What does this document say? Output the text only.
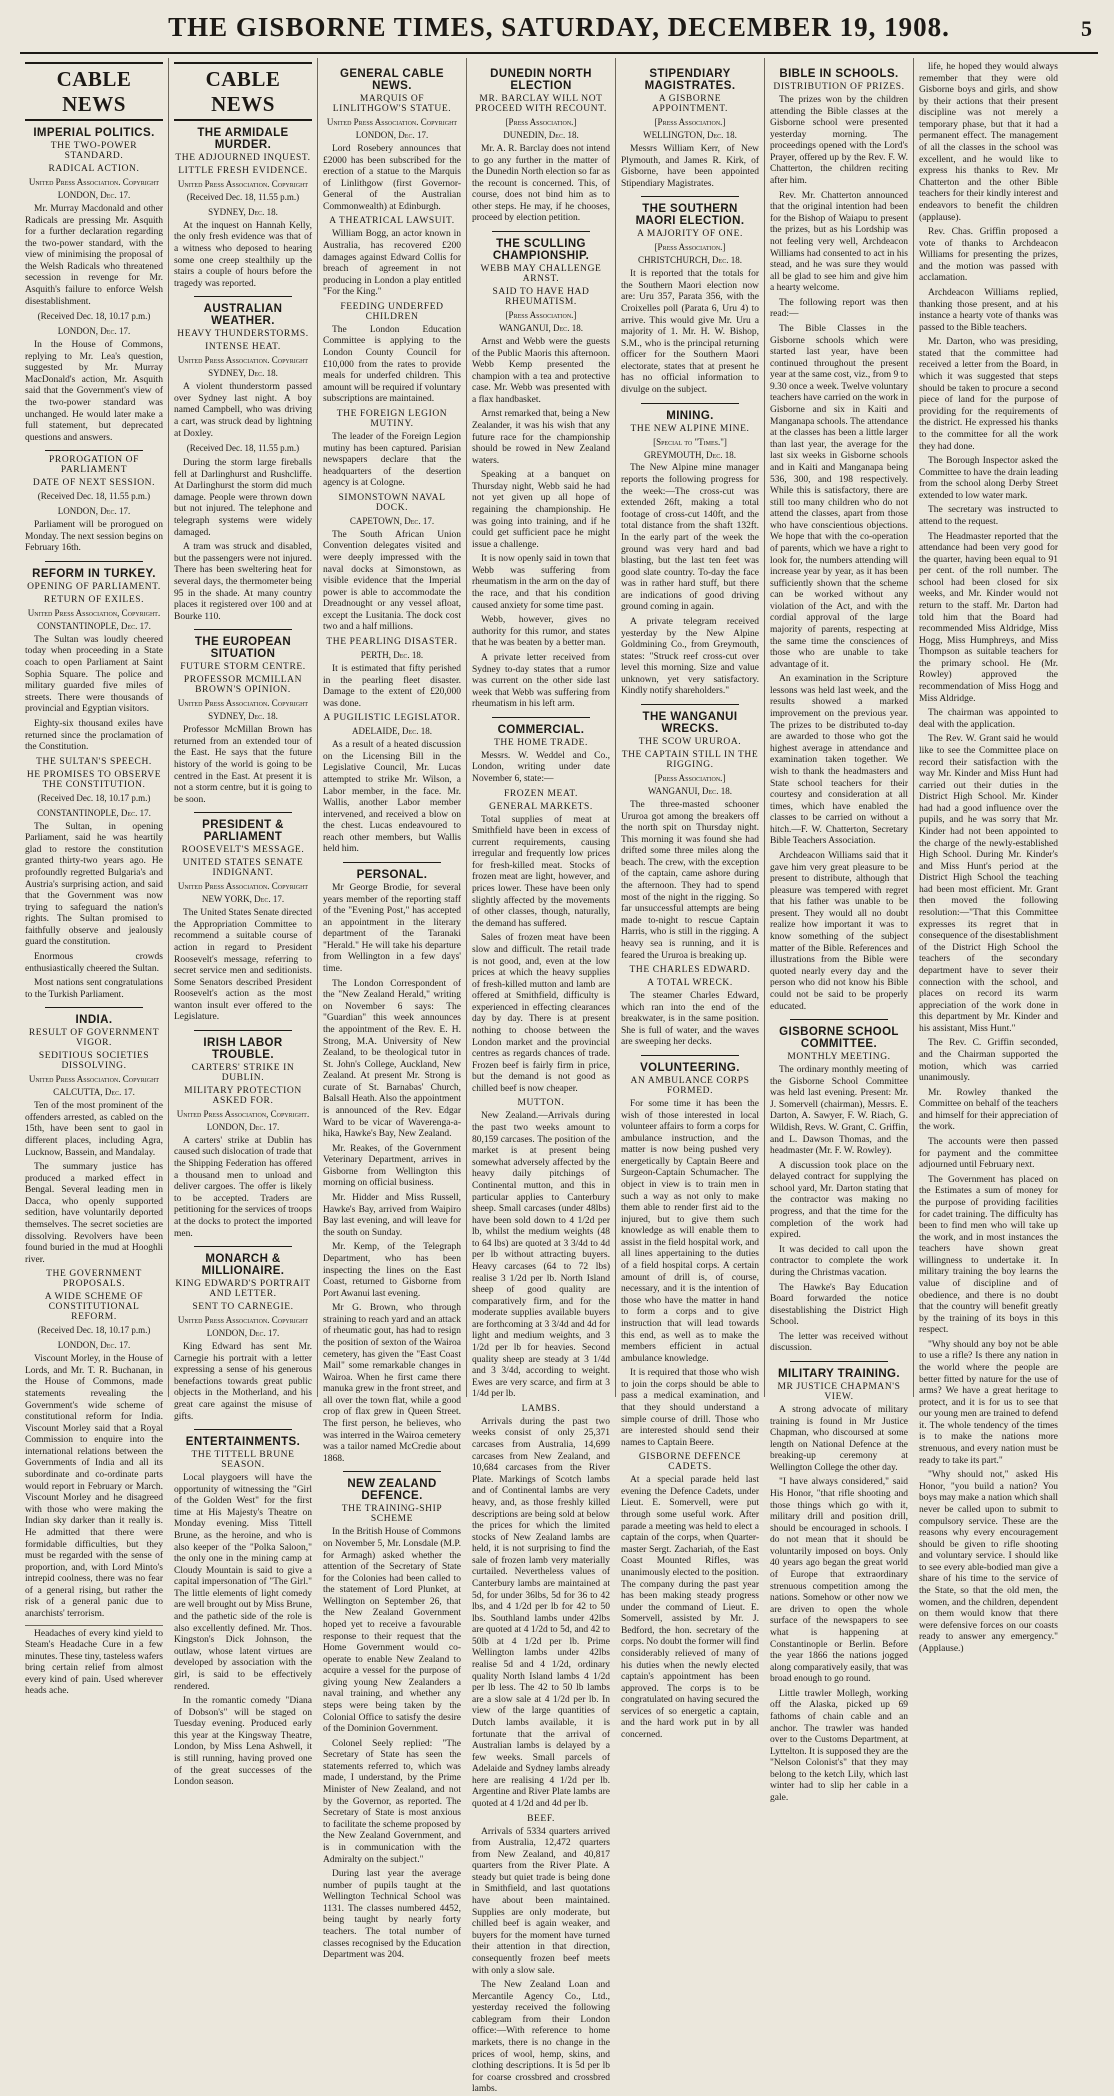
THE GISBORNE TIMES, SATURDAY, DECEMBER 19, 1908.	5
CABLE NEWS
IMPERIAL POLITICS.
THE TWO-POWER STANDARD.
RADICAL ACTION.

United Press Association. Copyright

LONDON, Dec. 17.

Mr. Murray Macdonald and other Radicals are pressing Mr. Asquith for a further declaration regarding the two-power standard, with the view of minimising the proposal of the Welsh Radicals who threatened secession in revenge for Mr. Asquith's failure to enforce Welsh disestablishment.

(Received Dec. 18, 10.17 p.m.)

LONDON, Dec. 17.

In the House of Commons, replying to Mr. Lea's question, suggested by Mr. Murray MacDonald's action, Mr. Asquith said that the Government's view of the two-power standard was unchanged. He would later make a full statement, but deprecated questions and answers.

PROROGATION OF PARLIAMENT
DATE OF NEXT SESSION.

(Received Dec. 18, 11.55 p.m.)

LONDON, Dec. 17.

Parliament will be prorogued on Monday. The next session begins on February 16th.

REFORM IN TURKEY.
OPENING OF PARLIAMENT.
RETURN OF EXILES.

United Press Association, Copyright.

CONSTANTINOPLE, Dec. 17.

The Sultan was loudly cheered today when proceeding in a State coach to open Parliament at Saint Sophia Square. The police and military guarded five miles of streets. There were thousands of provincial and Egyptian visitors.

Eighty-six thousand exiles have returned since the proclamation of the Constitution.

THE SULTAN'S SPEECH.
HE PROMISES TO OBSERVE THE CONSTITUTION.

(Received Dec. 18, 10.17 p.m.)

CONSTANTINOPLE, Dec. 17.

The Sultan, in opening Parliament, said he was heartily glad to restore the constitution granted thirty-two years ago. He profoundly regretted Bulgaria's and Austria's surprising action, and said that the Government was now trying to safeguard the nation's rights. The Sultan promised to faithfully observe and jealously guard the constitution.

Enormous crowds enthusiastically cheered the Sultan.

Most nations sent congratulations to the Turkish Parliament.

INDIA.
RESULT OF GOVERNMENT VIGOR.
SEDITIOUS SOCIETIES DISSOLVING.

United Press Association. Copyright

CALCUTTA, Dec. 17.

Ten of the most prominent of the offenders arrested, as cabled on the 15th, have been sent to gaol in different places, including Agra, Lucknow, Bassein, and Mandalay.

The summary justice has produced a marked effect in Bengal. Several leading men in Dacca, who openly supported sedition, have voluntarily deported themselves. The secret societies are dissolving. Revolvers have been found buried in the mud at Hooghli river.

THE GOVERNMENT PROPOSALS.
A WIDE SCHEME OF CONSTITUTIONAL REFORM.

(Received Dec. 18, 10.17 p.m.)

LONDON, Dec. 17.

Viscount Morley, in the House of Lords, and Mr. T. R. Buchanan, in the House of Commons, made statements revealing the Government's wide scheme of constitutional reform for India. Viscount Morley said that a Royal Commission to enquire into the international relations between the Governments of India and all its subordinate and co-ordinate parts would report in February or March. Viscount Morley and he disagreed with those who were making the Indian sky darker than it really is. He admitted that there were formidable difficulties, but they must be regarded with the sense of proportion, and, with Lord Minto's intrepid coolness, there was no fear of a general rising, but rather the risk of a general panic due to anarchists' terrorism.

Headaches of every kind yield to Steam's Headache Cure in a few minutes. These tiny, tasteless wafers bring certain relief from almost every kind of pain. Used wherever heads ache.

CABLE NEWS
THE ARMIDALE MURDER.
THE ADJOURNED INQUEST.
LITTLE FRESH EVIDENCE.

United Press Association. Copyright

(Received Dec. 18, 11.55 p.m.)

SYDNEY, Dec. 18.

At the inquest on Hannah Kelly, the only fresh evidence was that of a witness who deposed to hearing some one creep stealthily up the stairs a couple of hours before the tragedy was reported.

AUSTRALIAN WEATHER.
HEAVY THUNDERSTORMS.
INTENSE HEAT.

United Press Association. Copyright

SYDNEY, Dec. 18.

A violent thunderstorm passed over Sydney last night. A boy named Campbell, who was driving a cart, was struck dead by lightning at Doxley.

(Received Dec. 18, 11.55 p.m.)

During the storm large fireballs fell at Darlinghurst and Rushcliffe. At Darlinghurst the storm did much damage. People were thrown down but not injured. The telephone and telegraph systems were widely damaged.

A tram was struck and disabled, but the passengers were not injured. There has been sweltering heat for several days, the thermometer being 95 in the shade. At many country places it registered over 100 and at Bourke 110.

THE EUROPEAN SITUATION
FUTURE STORM CENTRE.
PROFESSOR MCMILLAN BROWN'S OPINION.

United Press Association. Copyright

SYDNEY, Dec. 18.

Professor McMillan Brown has returned from an extended tour of the East. He says that the future history of the world is going to be centred in the East. At present it is not a storm centre, but it is going to be soon.

PRESIDENT & PARLIAMENT
ROOSEVELT'S MESSAGE.
UNITED STATES SENATE INDIGNANT.

United Press Association. Copyright

NEW YORK, Dec. 17.

The United States Senate directed the Appropriation Committee to recommend a suitable course of action in regard to President Roosevelt's message, referring to secret service men and seditionists. Some Senators described President Roosevelt's action as the most wanton insult ever offered to the Legislature.

IRISH LABOR TROUBLE.
CARTERS' STRIKE IN DUBLIN.
MILITARY PROTECTION ASKED FOR.

United Press Association, Copyright.

LONDON, Dec. 17.

A carters' strike at Dublin has caused such dislocation of trade that the Shipping Federation has offered a thousand men to unload and deliver cargoes. The offer is likely to be accepted. Traders are petitioning for the services of troops at the docks to protect the imported men.

MONARCH & MILLIONAIRE.
KING EDWARD'S PORTRAIT AND LETTER.
SENT TO CARNEGIE.

United Press Association. Copyright

LONDON, Dec. 17.

King Edward has sent Mr. Carnegie his portrait with a letter expressing a sense of his generous benefactions towards great public objects in the Motherland, and his great care against the misuse of gifts.

ENTERTAINMENTS.
THE TITTELL BRUNE SEASON.

Local playgoers will have the opportunity of witnessing the "Girl of the Golden West" for the first time at His Majesty's Theatre on Monday evening. Miss Tittell Brune, as the heroine, and who is also keeper of the "Polka Saloon," the only one in the mining camp at Cloudy Mountain is said to give a capital impersonation of "The Girl." The little elements of light comedy are well brought out by Miss Brune, and the pathetic side of the role is also excellently defined. Mr. Thos. Kingston's Dick Johnson, the outlaw, whose latent virtues are developed by association with the girl, is said to be effectively rendered.

In the romantic comedy "Diana of Dobson's" will be staged on Tuesday evening. Produced early this year at the Kingsway Theatre, London, by Miss Lena Ashwell, it is still running, having proved one of the great successes of the London season.

GENERAL CABLE NEWS.
MARQUIS OF LINLITHGOW'S STATUE.

United Press Association. Copyright

LONDON, Dec. 17.

Lord Rosebery announces that £2000 has been subscribed for the erection of a statue to the Marquis of Linlithgow (first Governor-General of the Australian Commonwealth) at Edinburgh.

A THEATRICAL LAWSUIT.

William Bogg, an actor known in Australia, has recovered £200 damages against Edward Collis for breach of agreement in not producing in London a play entitled "For the King."

FEEDING UNDERFED CHILDREN

The London Education Committee is applying to the London County Council for £10,000 from the rates to provide meals for underfed children. This amount will be required if voluntary subscriptions are maintained.

THE FOREIGN LEGION MUTINY.

The leader of the Foreign Legion mutiny has been captured. Parisian newspapers declare that the headquarters of the desertion agency is at Cologne.

SIMONSTOWN NAVAL DOCK.

CAPETOWN, Dec. 17.

The South African Union Convention delegates visited and were deeply impressed with the naval docks at Simonstown, as visible evidence that the Imperial power is able to accommodate the Dreadnought or any vessel afloat, except the Lusitania. The dock cost two and a half millions.

THE PEARLING DISASTER.

PERTH, Dec. 18.

It is estimated that fifty perished in the pearling fleet disaster. Damage to the extent of £20,000 was done.

A PUGILISTIC LEGISLATOR.

ADELAIDE, Dec. 18.

As a result of a heated discussion on the Licensing Bill in the Legislative Council, Mr. Lucas attempted to strike Mr. Wilson, a Labor member, in the face. Mr. Wallis, another Labor member intervened, and received a blow on the chest. Lucas endeavoured to reach other members, but Wallis held him.

PERSONAL.

Mr George Brodie, for several years member of the reporting staff of the "Evening Post," has accepted an appointment in the literary department of the Taranaki "Herald." He will take his departure from Wellington in a few days' time.

The London Correspondent of the "New Zealand Herald," writing on November 6 says: The "Guardian" this week announces the appointment of the Rev. E. H. Strong, M.A. University of New Zealand, to be theological tutor in St. John's College, Auckland, New Zealand. At present Mr. Strong is curate of St. Barnabas' Church, Balsall Heath. Also the appointment is announced of the Rev. Edgar Ward to be vicar of Waverenga-a-hika, Hawke's Bay, New Zealand.

Mr. Reakes, of the Government Veterinary Department, arrives in Gisborne from Wellington this morning on official business.

Mr. Hidder and Miss Russell, Hawke's Bay, arrived from Waipiro Bay last evening, and will leave for the south on Sunday.

Mr. Kemp, of the Telegraph Department, who has been inspecting the lines on the East Coast, returned to Gisborne from Port Awanui last evening.

Mr G. Brown, who through straining to reach yard and an attack of rheumatic gout, has had to resign the position of sexton of the Wairoa cemetery, has given the "East Coast Mail" some remarkable changes in Wairoa. When he first came there manuka grew in the front street, and all over the town flat, while a good crop of flax grew in Queen Street. The first person, he believes, who was interred in the Wairoa cemetery was a tailor named McCredie about 1868.

NEW ZEALAND DEFENCE.
THE TRAINING-SHIP SCHEME

In the British House of Commons on November 5, Mr. Lonsdale (M.P. for Armagh) asked whether the attention of the Secretary of State for the Colonies had been called to the statement of Lord Plunket, at Wellington on September 26, that the New Zealand Government hoped yet to receive a favourable response to their request that the Home Government would co-operate to enable New Zealand to acquire a vessel for the purpose of giving young New Zealanders a naval training, and whether any steps were being taken by the Colonial Office to satisfy the desire of the Dominion Government.

Colonel Seely replied: "The Secretary of State has seen the statements referred to, which was made, I understand, by the Prime Minister of New Zealand, and not by the Governor, as reported. The Secretary of State is most anxious to facilitate the scheme proposed by the New Zealand Government, and is in communication with the Admiralty on the subject."

During last year the average number of pupils taught at the Wellington Technical School was 1131. The classes numbered 4452, being taught by nearly forty teachers. The total number of classes recognised by the Education Department was 204.

DUNEDIN NORTH ELECTION
MR. BARCLAY WILL NOT PROCEED WITH RECOUNT.

[Press Association.]

DUNEDIN, Dec. 18.

Mr. A. R. Barclay does not intend to go any further in the matter of the Dunedin North election so far as the recount is concerned. This, of course, does not bind him as to other steps. He may, if he chooses, proceed by election petition.

THE SCULLING CHAMPIONSHIP.
WEBB MAY CHALLENGE ARNST.
SAID TO HAVE HAD RHEUMATISM.

[Press Association.]

WANGANUI, Dec. 18.

Arnst and Webb were the guests of the Public Maoris this afternoon. Webb Kemp presented the champion with a tea and protective case. Mr. Webb was presented with a flax handbasket.

Arnst remarked that, being a New Zealander, it was his wish that any future race for the championship should be rowed in New Zealand waters.

Speaking at a banquet on Thursday night, Webb said he had not yet given up all hope of regaining the championship. He was going into training, and if he could get sufficient pace he might issue a challenge.

It is now openly said in town that Webb was suffering from rheumatism in the arm on the day of the race, and that his condition caused anxiety for some time past.

Webb, however, gives no authority for this rumor, and states that he was beaten by a better man.

A private letter received from Sydney to-day states that a rumor was current on the other side last week that Webb was suffering from rheumatism in his left arm.

COMMERCIAL.
THE HOME TRADE.

Messrs. W. Weddel and Co., London, writing under date November 6, state:—

FROZEN MEAT.
GENERAL MARKETS.

Total supplies of meat at Smithfield have been in excess of current requirements, causing irregular and frequently low prices for fresh-killed meat. Stocks of frozen meat are light, however, and prices lower. These have been only slightly affected by the movements of other classes, though, naturally, the demand has suffered.

Sales of frozen meat have been slow and difficult. The retail trade is not good, and, even at the low prices at which the heavy supplies of fresh-killed mutton and lamb are offered at Smithfield, difficulty is experienced in effecting clearances day by day. There is at present nothing to choose between the London market and the provincial centres as regards chances of trade. Frozen beef is fairly firm in price, but the demand is not good as chilled beef is now cheaper.

MUTTON.

New Zealand.—Arrivals during the past two weeks amount to 80,159 carcases. The position of the market is at present being somewhat adversely affected by the heavy daily pitchings of Continental mutton, and this in particular applies to Canterbury sheep. Small carcases (under 48lbs) have been sold down to 4 1/2d per lb, whilst the medium weights (48 to 64 lbs) are quoted at 3 3/4d to 4d per lb without attracting buyers. Heavy carcases (64 to 72 lbs) realise 3 1/2d per lb. North Island sheep of good quality are comparatively firm, and for the moderate supplies available buyers are forthcoming at 3 3/4d and 4d for light and medium weights, and 3 1/2d per lb for heavies. Second quality sheep are steady at 3 1/4d and 3 3/4d, according to weight. Ewes are very scarce, and firm at 3 1/4d per lb.

LAMBS.

Arrivals during the past two weeks consist of only 25,371 carcases from Australia, 14,699 carcases from New Zealand, and 10,684 carcases from the River Plate. Markings of Scotch lambs and of Continental lambs are very heavy, and, as those freshly killed descriptions are being sold at below the prices for which the limited stocks of New Zealand lambs are held, it is not surprising to find the sale of frozen lamb very materially curtailed. Nevertheless values of Canterbury lambs are maintained at 5d, for under 36lbs, 5d for 36 to 42 lbs, and 4 1/2d per lb for 42 to 50 lbs. Southland lambs under 42lbs are quoted at 4 1/2d to 5d, and 42 to 50lb at 4 1/2d per lb. Prime Wellington lambs under 42lbs realise 5d and 4 1/2d, ordinary quality North Island lambs 4 1/2d per lb less. The 42 to 50 lb lambs are a slow sale at 4 1/2d per lb. In view of the large quantities of Dutch lambs available, it is fortunate that the arrival of Australian lambs is delayed by a few weeks. Small parcels of Adelaide and Sydney lambs already here are realising 4 1/2d per lb. Argentine and River Plate lambs are quoted at 4 1/2d and 4d per lb.

BEEF.

Arrivals of 5334 quarters arrived from Australia, 12,472 quarters from New Zealand, and 40,817 quarters from the River Plate. A steady but quiet trade is being done in Smithfield, and last quotations have about been maintained. Supplies are only moderate, but chilled beef is again weaker, and buyers for the moment have turned their attention in that direction, consequently frozen beef meets with only a slow sale.

The New Zealand Loan and Mercantile Agency Co., Ltd., yesterday received the following cablegram from their London office:—With reference to home markets, there is no change in the prices of wool, hemp, skins, and clothing descriptions. It is 5d per lb for coarse crossbred and crossbred lambs.

STIPENDIARY MAGISTRATES.
A GISBORNE APPOINTMENT.

[Press Association.]

WELLINGTON, Dec. 18.

Messrs William Kerr, of New Plymouth, and James R. Kirk, of Gisborne, have been appointed Stipendiary Magistrates.

THE SOUTHERN MAORI ELECTION.
A MAJORITY OF ONE.

[Press Association.]

CHRISTCHURCH, Dec. 18.

It is reported that the totals for the Southern Maori election now are: Uru 357, Parata 356, with the Croixelles poll (Parata 6, Uru 4) to arrive. This would give Mr. Uru a majority of 1. Mr. H. W. Bishop, S.M., who is the principal returning officer for the Southern Maori electorate, states that at present he has no official information to divulge on the subject.

MINING.
THE NEW ALPINE MINE.

[Special to "Times."]

GREYMOUTH, Dec. 18.

The New Alpine mine manager reports the following progress for the week:—The cross-cut was extended 26ft, making a total footage of cross-cut 140ft, and the total distance from the shaft 132ft. In the early part of the week the ground was very hard and bad blasting, but the last ten feet was good slate country. To-day the face was in rather hard stuff, but there are indications of good driving ground coming in again.

A private telegram received yesterday by the New Alpine Goldmining Co., from Greymouth, states: "Struck reef cross-cut over level this morning. Size and value unknown, yet very satisfactory. Kindly notify shareholders."

THE WANGANUI WRECKS.
THE SCOW URUROA.
THE CAPTAIN STILL IN THE RIGGING.

[Press Association.]

WANGANUI, Dec. 18.

The three-masted schooner Ururoa got among the breakers off the north spit on Thursday night. This morning it was found she had drifted some three miles along the beach. The crew, with the exception of the captain, came ashore during the afternoon. They had to spend most of the night in the rigging. So far unsuccessful attempts are being made to-night to rescue Captain Harris, who is still in the rigging. A heavy sea is running, and it is feared the Ururoa is breaking up.

THE CHARLES EDWARD.
A TOTAL WRECK.

The steamer Charles Edward, which ran into the end of the breakwater, is in the same position. She is full of water, and the waves are sweeping her decks.

VOLUNTEERING.
AN AMBULANCE CORPS FORMED.

For some time it has been the wish of those interested in local volunteer affairs to form a corps for ambulance instruction, and the matter is now being pushed very energetically by Captain Beere and Surgeon-Captain Schumacher. The object in view is to train men in such a way as not only to make them able to render first aid to the injured, but to give them such knowledge as will enable them to assist in the field hospital work, and all lines appertaining to the duties of a field hospital corps. A certain amount of drill is, of course, necessary, and it is the intention of those who have the matter in hand to form a corps and to give instruction that will lead towards this end, as well as to make the members efficient in actual ambulance knowledge.

It is required that those who wish to join the corps should be able to pass a medical examination, and that they should understand a simple course of drill. Those who are interested should send their names to Captain Beere.

GISBORNE DEFENCE CADETS.

At a special parade held last evening the Defence Cadets, under Lieut. E. Somervell, were put through some useful work. After parade a meeting was held to elect a captain of the corps, when Quarter-master Sergt. Zachariah, of the East Coast Mounted Rifles, was unanimously elected to the position. The company during the past year has been making steady progress under the command of Lieut. E. Somervell, assisted by Mr. J. Bedford, the hon. secretary of the corps. No doubt the former will find considerably relieved of many of his duties when the newly elected captain's appointment has been approved. The corps is to be congratulated on having secured the services of so energetic a captain, and the hard work put in by all concerned.

BIBLE IN SCHOOLS.
DISTRIBUTION OF PRIZES.

The prizes won by the children attending the Bible classes at the Gisborne school were presented yesterday morning. The proceedings opened with the Lord's Prayer, offered up by the Rev. F. W. Chatterton, the children reciting after him.

Rev. Mr. Chatterton announced that the original intention had been for the Bishop of Waiapu to present the prizes, but as his Lordship was not feeling very well, Archdeacon Williams had consented to act in his stead, and he was sure they would all be glad to see him and give him a hearty welcome.

The following report was then read:—

The Bible Classes in the Gisborne schools which were started last year, have been continued throughout the present year at the same cost, viz., from 9 to 9.30 once a week. Twelve voluntary teachers have carried on the work in Gisborne and six in Kaiti and Manganapa schools. The attendance at the classes has been a little larger than last year, the average for the last six weeks in Gisborne schools and in Kaiti and Manganapa being 536, 300, and 198 respectively. While this is satisfactory, there are still too many children who do not attend the classes, apart from those who have conscientious objections. We hope that with the co-operation of parents, which we have a right to look for, the numbers attending will increase year by year, as it has been sufficiently shown that the scheme can be worked without any violation of the Act, and with the cordial approval of the large majority of parents, respecting at the same time the consciences of those who are unable to take advantage of it.

An examination in the Scripture lessons was held last week, and the results showed a marked improvement on the previous year. The prizes to be distributed to-day are awarded to those who got the highest average in attendance and examination taken together. We wish to thank the headmasters and State school teachers for their courtesy and consideration at all times, which have enabled the classes to be carried on without a hitch.—F. W. Chatterton, Secretary Bible Teachers Association.

Archdeacon Williams said that it gave him very great pleasure to be present to distribute, although that pleasure was tempered with regret that his father was unable to be present. They would all no doubt realize how important it was to know something of the subject matter of the Bible. References and illustrations from the Bible were quoted nearly every day and the person who did not know his Bible could not be said to be properly educated.

GISBORNE SCHOOL COMMITTEE.
MONTHLY MEETING.

The ordinary monthly meeting of the Gisborne School Committee was held last evening. Present: Mr. J. Somervell (chairman), Messrs. E. Darton, A. Sawyer, F. W. Riach, G. Wildish, Revs. W. Grant, C. Griffin, and L. Dawson Thomas, and the headmaster (Mr. F. W. Rowley).

A discussion took place on the delayed contract for supplying the school yard, Mr. Darton stating that the contractor was making no progress, and that the time for the completion of the work had expired.

It was decided to call upon the contractor to complete the work during the Christmas vacation.

The Hawke's Bay Education Board forwarded the notice disestablishing the District High School.

The letter was received without discussion.

MILITARY TRAINING.
MR JUSTICE CHAPMAN'S VIEW.

A strong advocate of military training is found in Mr Justice Chapman, who discoursed at some length on National Defence at the breaking-up ceremony at Wellington College the other day.

"I have always considered," said His Honor, "that rifle shooting and those things which go with it, military drill and position drill, should be encouraged in schools. I do not mean that it should be voluntarily imposed on boys. Only 40 years ago began the great world of Europe that extraordinary strenuous competition among the nations. Somehow or other now we are driven to open the whole surface of the newspapers to see what is happening at Constantinople or Berlin. Before the year 1866 the nations jogged along comparatively easily, that was broad enough to go round.

Little trawler Mollegh, working off the Alaska, picked up 69 fathoms of chain cable and an anchor. The trawler was handed over to the Customs Department, at Lyttelton. It is supposed they are the "Nelson Colonist's" that they may belong to the ketch Lily, which last winter had to slip her cable in a gale.

life, he hoped they would always remember that they were old Gisborne boys and girls, and show by their actions that their present discipline was not merely a temporary phase, but that it had a permanent effect. The management of all the classes in the school was excellent, and he would like to express his thanks to Rev. Mr Chatterton and the other Bible teachers for their kindly interest and endeavors to benefit the children (applause).

Rev. Chas. Griffin proposed a vote of thanks to Archdeacon Williams for presenting the prizes, and the motion was passed with acclamation.

Archdeacon Williams replied, thanking those present, and at his instance a hearty vote of thanks was passed to the Bible teachers.

Mr. Darton, who was presiding, stated that the committee had received a letter from the Board, in which it was suggested that steps should be taken to procure a second piece of land for the purpose of providing for the requirements of the district. He expressed his thanks to the committee for all the work they had done.

The Borough Inspector asked the Committee to have the drain leading from the school along Derby Street extended to low water mark.

The secretary was instructed to attend to the request.

The Headmaster reported that the attendance had been very good for the quarter, having been equal to 91 per cent. of the roll number. The school had been closed for six weeks, and Mr. Kinder would not return to the staff. Mr. Darton had told him that the Board had recommended Miss Aldridge, Miss Hogg, Miss Humphreys, and Miss Thompson as suitable teachers for the primary school. He (Mr. Rowley) approved the recommendation of Miss Hogg and Miss Aldridge.

The chairman was appointed to deal with the application.

The Rev. W. Grant said he would like to see the Committee place on record their satisfaction with the way Mr. Kinder and Miss Hunt had carried out their duties in the District High School. Mr. Kinder had had a good influence over the pupils, and he was sorry that Mr. Kinder had not been appointed to the charge of the newly-established High School. During Mr. Kinder's and Miss Hunt's period at the District High School the teaching had been most efficient. Mr. Grant then moved the following resolution:—"That this Committee expresses its regret that in consequence of the disestablishment of the District High School the teachers of the secondary department have to sever their connection with the school, and places on record its warm appreciation of the work done in this department by Mr. Kinder and his assistant, Miss Hunt."

The Rev. C. Griffin seconded, and the Chairman supported the motion, which was carried unanimously.

Mr. Rowley thanked the Committee on behalf of the teachers and himself for their appreciation of the work.

The accounts were then passed for payment and the committee adjourned until February next.

The Government has placed on the Estimates a sum of money for the purpose of providing facilities for cadet training. The difficulty has been to find men who will take up the work, and in most instances the teachers have shown great willingness to undertake it. In military training the boy learns the value of discipline and of obedience, and there is no doubt that the country will benefit greatly by the training of its boys in this respect.

"Why should any boy not be able to use a rifle? Is there any nation in the world where the people are better fitted by nature for the use of arms? We have a great heritage to protect, and it is for us to see that our young men are trained to defend it. The whole tendency of the times is to make the nations more strenuous, and every nation must be ready to take its part."

"Why should not," asked His Honor, "you build a nation? You boys may make a nation which shall never be called upon to submit to compulsory service. These are the reasons why every encouragement should be given to rifle shooting and voluntary service. I should like to see every able-bodied man give a share of his time to the service of the State, so that the old men, the women, and the children, dependent on them would know that there were defensive forces on our coasts ready to answer any emergency." (Applause.)
